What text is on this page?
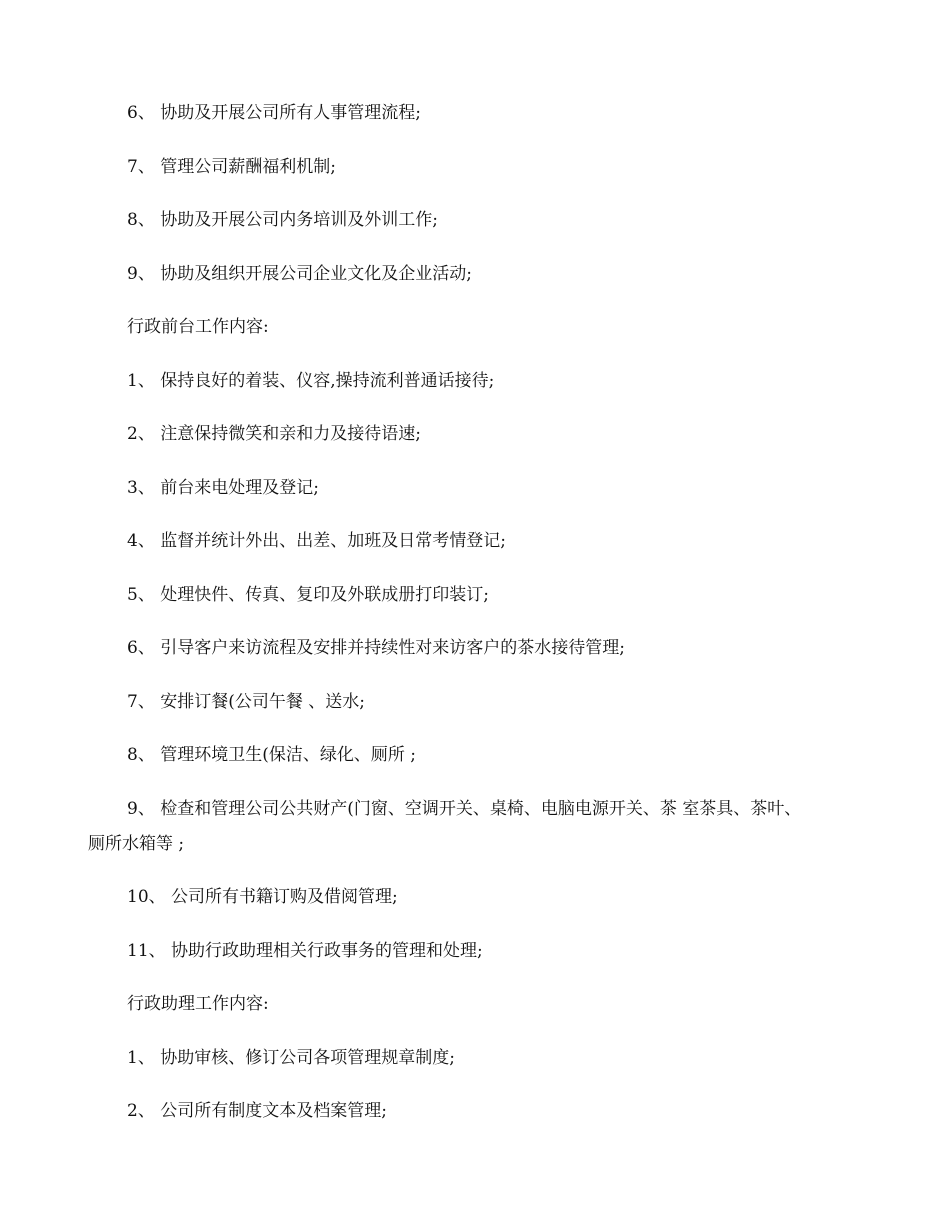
6、 协助及开展公司所有人事管理流程;
7、 管理公司薪酬福利机制;
8、 协助及开展公司内务培训及外训工作;
9、 协助及组织开展公司企业文化及企业活动;
行政前台工作内容:
1、 保持良好的着装、仪容,操持流利普通话接待;
2、 注意保持微笑和亲和力及接待语速;
3、 前台来电处理及登记;
4、 监督并统计外出、出差、加班及日常考情登记;
5、 处理快件、传真、复印及外联成册打印装订;
6、 引导客户来访流程及安排并持续性对来访客户的茶水接待管理;
7、 安排订餐(公司午餐 、送水;
8、 管理环境卫生(保洁、绿化、厕所 ;
9、 检查和管理公司公共财产(门窗、空调开关、桌椅、电脑电源开关、茶 室茶具、茶叶、
厕所水箱等 ;
10、 公司所有书籍订购及借阅管理;
11、 协助行政助理相关行政事务的管理和处理;
行政助理工作内容:
1、 协助审核、修订公司各项管理规章制度;
2、 公司所有制度文本及档案管理;
